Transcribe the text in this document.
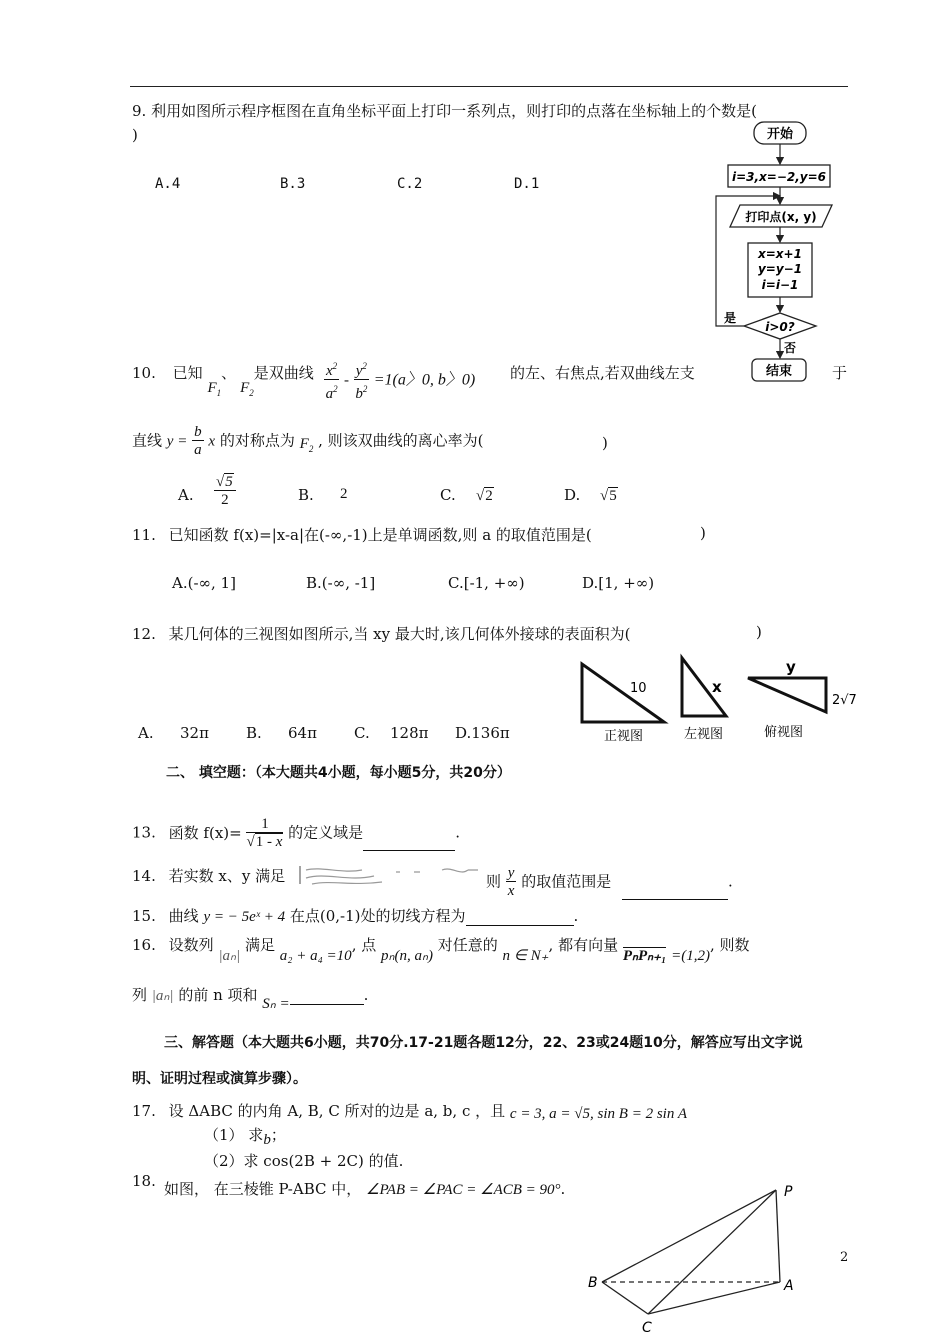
9. 利用如图所示程序框图在直角坐标平面上打印一系列点，则打印的点落在坐标轴上的个数是(
)
A.4	B.3	C.2	D.1
开始
i=3,x=−2,y=6
打印点(x, y)
x=x+1
y=y−1
i=i−1
i>0?
是
否
结束
10. 已知 $F_1$、$F_2$是双曲线 $\frac{x^2}{a^2} - \frac{y^2}{b^2} =1(a$〉0, b〉0) 的左、右焦点,若双曲线左支	于
直线 $y = \frac{b}{a}$ x 的对称点为 $F_2$ , 则该双曲线的离心率为(	)
A. $\frac{√5}{2}$	B. 2	C. √2	D. √5
11. 已知函数 f(x)=|x-a|在(-∞,-1)上是单调函数,则 a 的取值范围是(	)
A.(-∞, 1]	B.(-∞, -1]	C.[-1, +∞)	D.[1, +∞)
12. 某几何体的三视图如图所示,当 xy 最大时,该几何体外接球的表面积为(	)
A. 32π B. 64π C. 128π D.136π
10	x
y
2√7
正视图	左视图	俯视图
二、 填空题：（本大题共4小题，每小题5分，共20分）
13. 函数 $f(x)= \frac{1}{√1 - x}$ 的定义域是	.
14. 若实数 x、y 满足	则 $\frac{y}{x}$ 的取值范围是	.
15. 曲线 y = − 5eˣ + 4 在点(0,-1)处的切线方程为	.
16. 设数列 |aₙ| 满足 a₂ + a₄ =10, 点 pₙ(n, aₙ) 对任意的 n ∈ N₊, 都有向量 PₙPₙ₊₁ =(1,2), 则数
列 |aₙ| 的前 n 项和 Sₙ =	.
三、解答题（本大题共6小题，共70分.17-21题各题12分，22、23或24题10分，解答应写出文字说
明、证明过程或演算步骤）。
17. 设 ΔABC 的内角 A, B, C 所对的边是 a, b, c ，且 c = 3, a = √5, sin B = 2 sin A
（1） 求b；
（2）求 cos(2B + 2C) 的值.
18. 如图， 在三棱锥 P-ABC 中， ∠PAB = ∠PAC = ∠ACB = 90°.	P
A
B
C
2
